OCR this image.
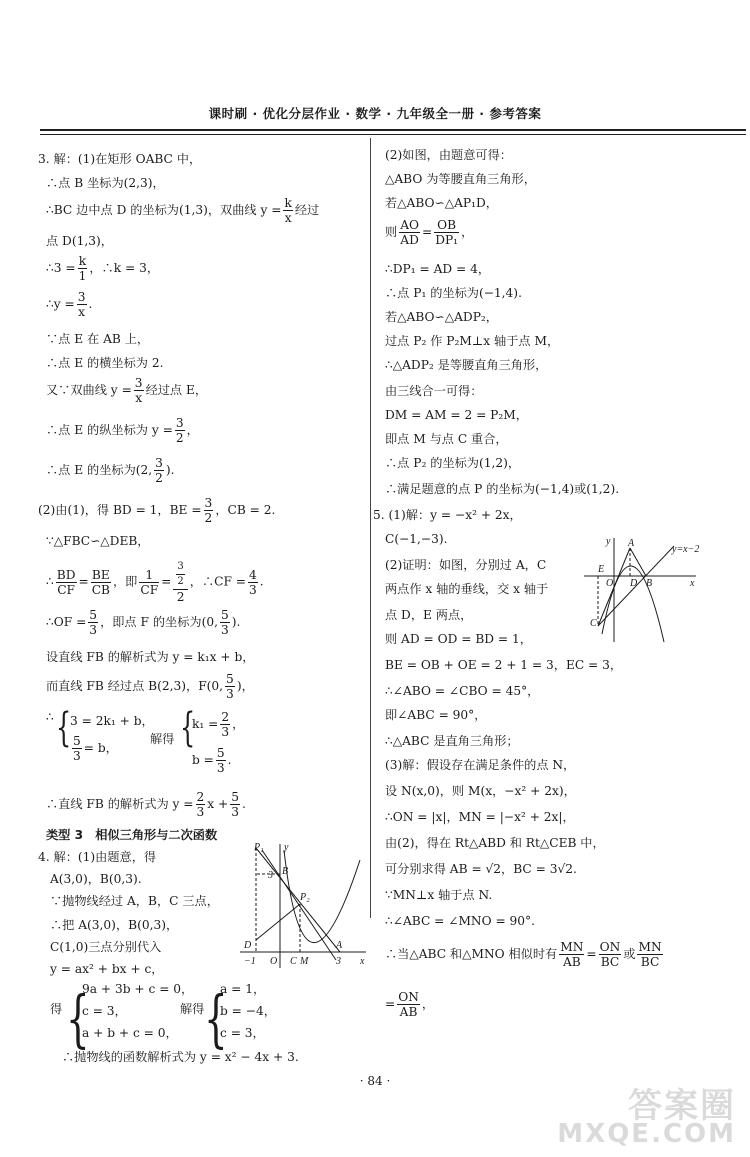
课时刷 · 优化分层作业 · 数学 · 九年级全一册 · 参考答案
3. 解：(1)在矩形 OABC 中，
∴点 B 坐标为(2,3)，
∴BC 边中点 D 的坐标为(1,3)，双曲线 $y = \frac{k}{x}$ 经过
点 D(1,3)，
∴3 = $\frac{k}{1}$ ，∴k = 3，
∴y = $\frac{3}{x}$ .
∵点 E 在 AB 上，
∴点 E 的横坐标为 2.
又∵双曲线 $y = \frac{3}{x}$ 经过点 E，
∴点 E 的纵坐标为 $y = \frac{3}{2}$ ，
∴点 E 的坐标为(2, $\frac{3}{2}$ ).
(2)由(1)，得 BD = 1，BE = $\frac{3}{2}$ ，CB = 2.
∵△FBC∽△DEB，
∴ $\frac{BD}{CF} = \frac{BE}{CB}$ ，即 $\frac{1}{CF} = \frac{\frac{3}{2}}{2}$ ，∴CF = $\frac{4}{3}$ .
∴OF = $\frac{5}{3}$ ，即点 F 的坐标为(0, $\frac{5}{3}$ ).
设直线 FB 的解析式为 y = k₁x + b，
而直线 FB 经过点 B(2,3)，F(0, $\frac{5}{3}$ )，
∴ {
3 = 2k₁ + b，
$\frac{5}{3} = b$，
解得 {
$k_1 = \frac{2}{3}$ ，
$b = \frac{5}{3}$ .
∴直线 FB 的解析式为 $y = \frac{2}{3}$ $x + \frac{5}{3}$ .
类型 3　相似三角形与二次函数
4. 解：(1)由题意，得
A(3,0)，B(0,3).
∵抛物线经过 A，B，C 三点，
∴把 A(3,0)，B(0,3)，
C(1,0)三点分别代入
y = ax² + bx + c，
得 {
9a + 3b + c = 0，
c = 3，
a + b + c = 0，
解得 {
a = 1，
b = −4，
c = 3，
∴抛物线的函数解析式为 y = x² − 4x + 3.
P₁ y
3 B
P₂
D
−1 O C M
A
x
3
(2)如图，由题意可得：
△ABO 为等腰直角三角形，
若△ABO∽△AP₁D，
则 $\frac{AO}{AD} = \frac{OB}{\text{DP₁}}$ ，
∴DP₁ = AD = 4，
∴点 P₁ 的坐标为(−1,4).
若△ABO∽△ADP₂，
过点 P₂ 作 P₂M⊥x 轴于点 M，
∴△ADP₂ 是等腰直角三角形，
由三线合一可得：
DM = AM = 2 = P₂M，
即点 M 与点 C 重合，
∴点 P₂ 的坐标为(1,2)，
∴满足题意的点 P 的坐标为(−1,4)或(1,2).
5. (1)解：y = −x² + 2x，
C(−1,−3).
(2)证明：如图，分别过 A，C
两点作 x 轴的垂线，交 x 轴于
点 D，E 两点，
则 AD = OD = BD = 1，
BE = OB + OE = 2 + 1 = 3，EC = 3，
∴∠ABO = ∠CBO = 45°，
即∠ABC = 90°，
∴△ABC 是直角三角形；
(3)解：假设存在满足条件的点 N，
设 N(x,0)，则 M(x，−x² + 2x)，
∴ON = |x|，MN = |−x² + 2x|，
由(2)，得在 Rt△ABD 和 Rt△CEB 中，
可分别求得 AB = √2，BC = 3√2.
∵MN⊥x 轴于点 N.
∴∠ABC = ∠MNO = 90°.
∴当△ABC 和△MNO 相似时有 $\frac{MN}{AB} = \frac{ON}{BC}$ 或 $\frac{MN}{BC}$
= $\frac{ON}{AB}$ ，
y A
y=x−2
E
O D B	x
C
· 84 ·
答案圈
MXQE.COM
